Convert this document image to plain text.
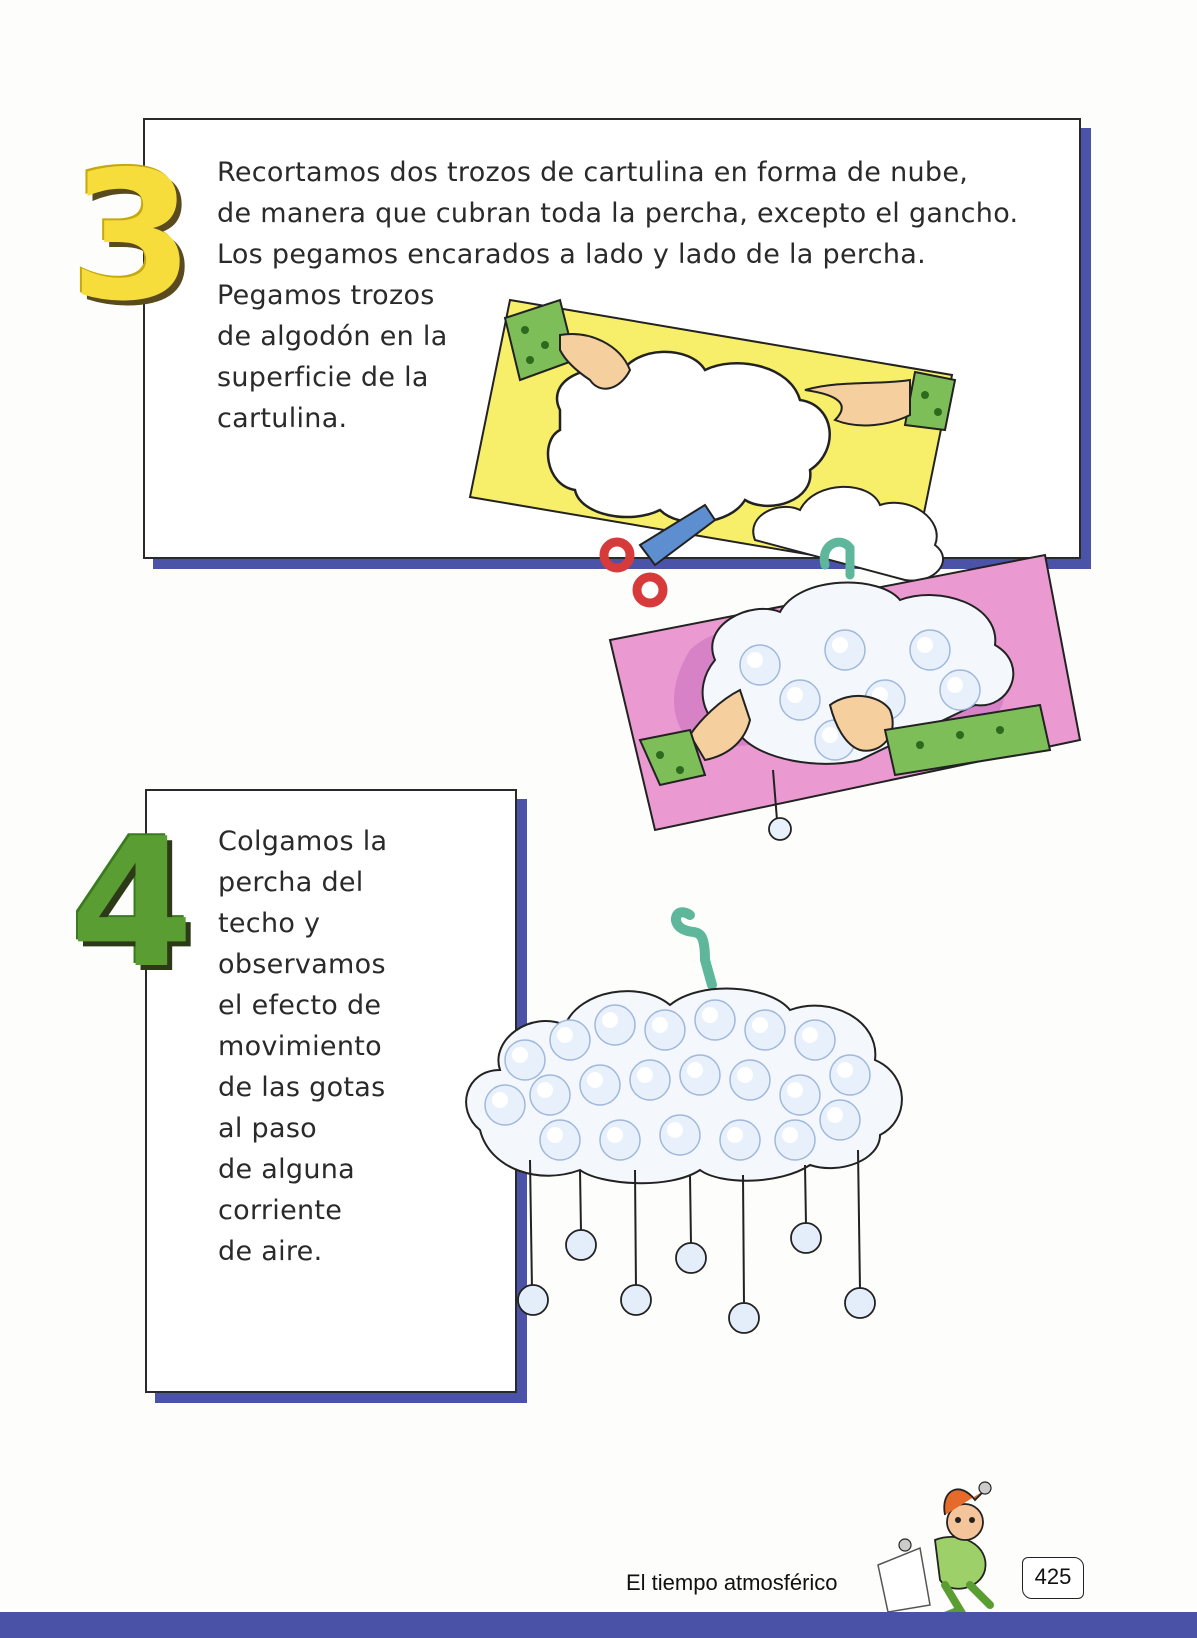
3 Recortamos dos trozos de cartulina en forma de nube,
de manera que cubran toda la percha, excepto el gancho.
Los pegamos encarados a lado y lado de la percha.
Pegamos trozos
de algodón en la
superficie de la
cartulina.
4 Colgamos la
percha del
techo y
observamos
el efecto de
movimiento
de las gotas
al paso
de alguna
corriente
de aire.
El tiempo atmosférico	425
